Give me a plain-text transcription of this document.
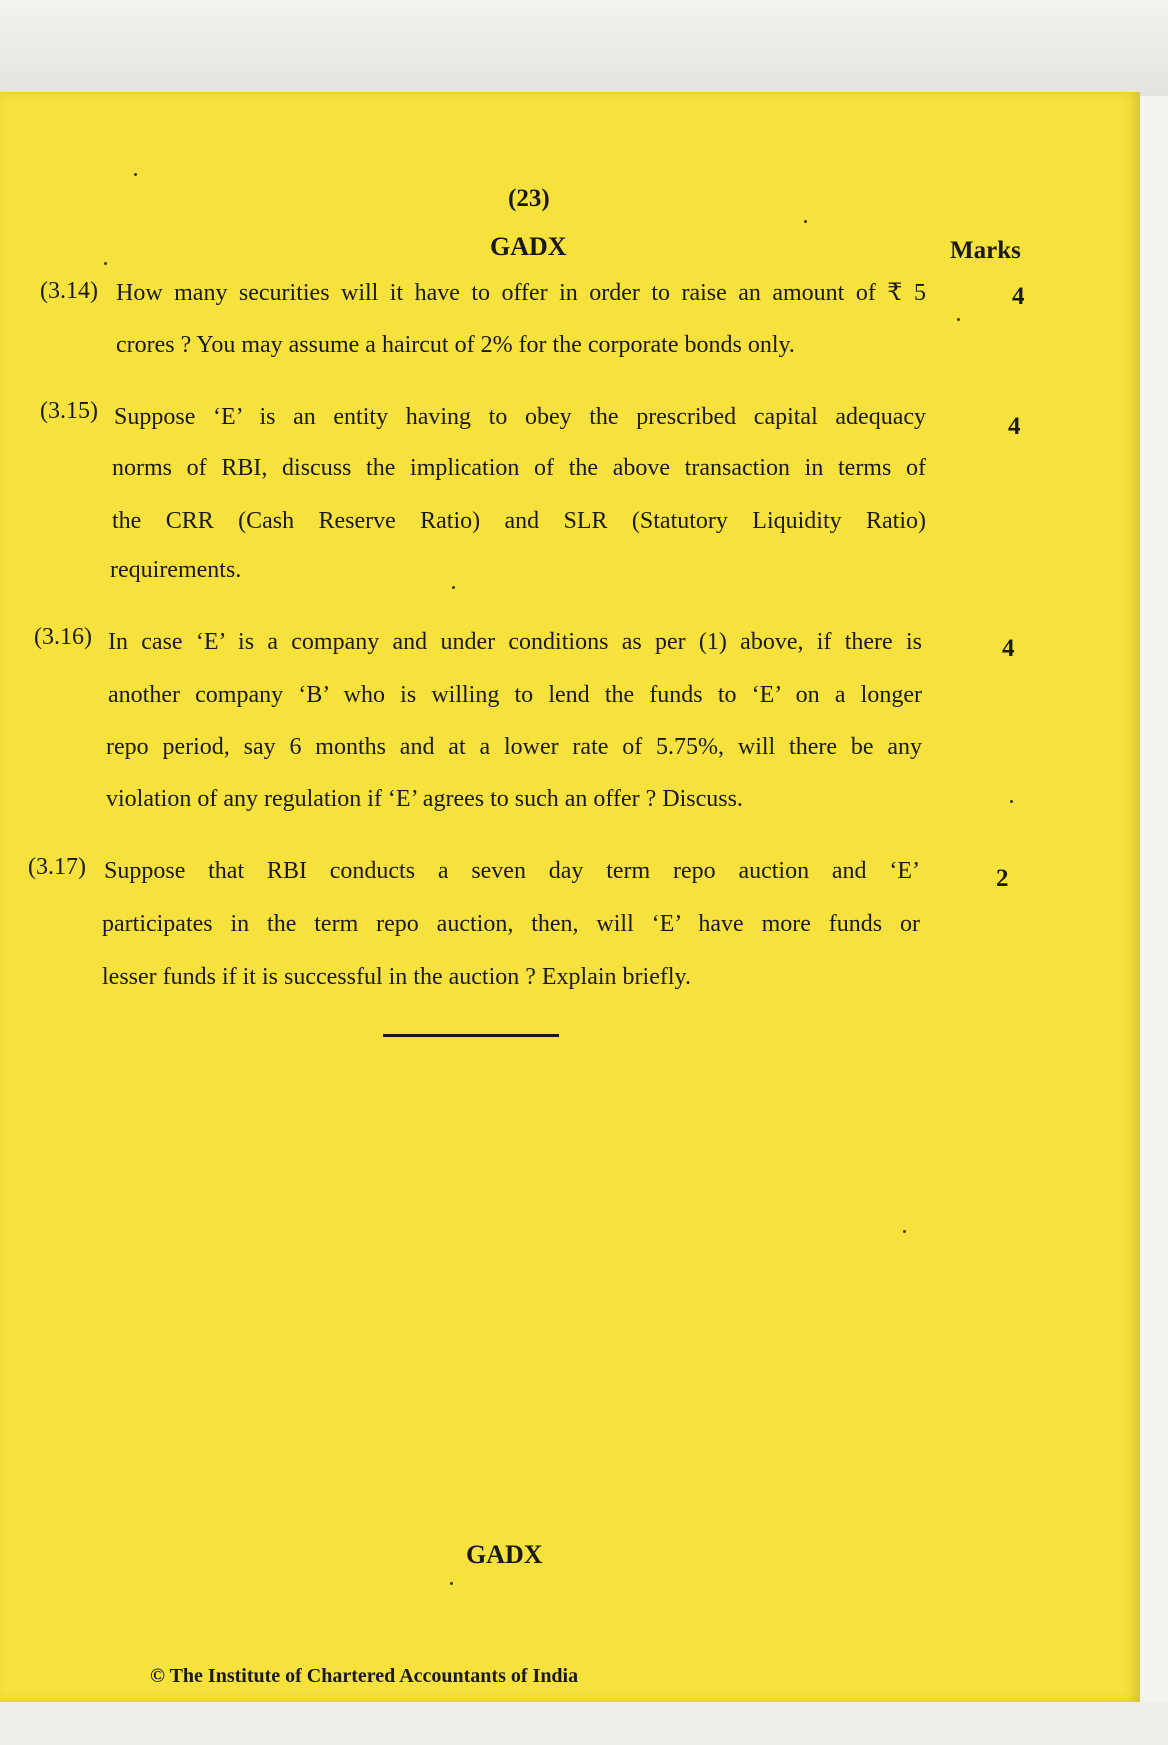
(23)
GADX	Marks
(3.14) How many securities will it have to offer in order to raise an amount of ₹ 5
crores ? You may assume a haircut of 2% for the corporate bonds only.
4
(3.15) Suppose ‘E’ is an entity having to obey the prescribed capital adequacy
norms of RBI, discuss the implication of the above transaction in terms of
the CRR (Cash Reserve Ratio) and SLR (Statutory Liquidity Ratio)
requirements.
4
(3.16) In case ‘E’ is a company and under conditions as per (1) above, if there is
another company ‘B’ who is willing to lend the funds to ‘E’ on a longer
repo period, say 6 months and at a lower rate of 5.75%, will there be any
violation of any regulation if ‘E’ agrees to such an offer ? Discuss.
4
(3.17) Suppose that RBI conducts a seven day term repo auction and ‘E’
participates in the term repo auction, then, will ‘E’ have more funds or
lesser funds if it is successful in the auction ? Explain briefly.
2
GADX
© The Institute of Chartered Accountants of India
